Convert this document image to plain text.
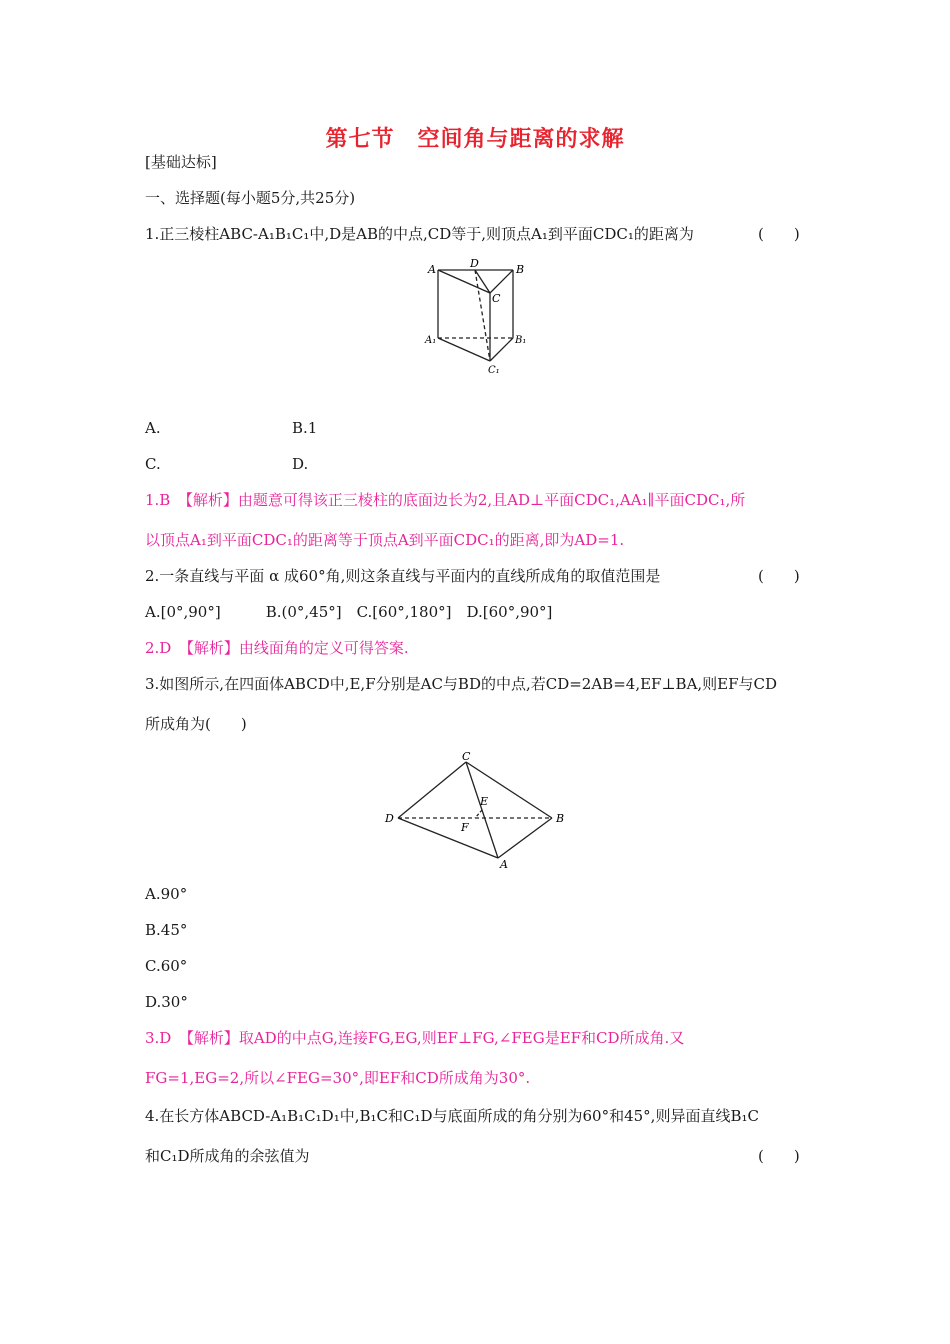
第七节　空间角与距离的求解
[基础达标]
一、选择题(每小题5分,共25分)
1.正三棱柱ABC-A₁B₁C₁中,D是AB的中点,CD等于,则顶点A₁到平面CDC₁的距离为	(　　)
A	D	B
C
A₁	B₁
C₁
A.	B.1
C.	D.
1.B　【解析】由题意可得该正三棱柱的底面边长为2,且AD⊥平面CDC₁,AA₁∥平面CDC₁,所
以顶点A₁到平面CDC₁的距离等于顶点A到平面CDC₁的距离,即为AD=1.
2.一条直线与平面 α 成60°角,则这条直线与平面内的直线所成角的取值范围是	(　　)
A.[0°,90°]　　　B.(0°,45°]　C.[60°,180°]　D.[60°,90°]
2.D　【解析】由线面角的定义可得答案.
3.如图所示,在四面体ABCD中,E,F分别是AC与BD的中点,若CD=2AB=4,EF⊥BA,则EF与CD
所成角为(　　)
C
D	B
A
E
F
A.90°
B.45°
C.60°
D.30°
3.D　【解析】取AD的中点G,连接FG,EG,则EF⊥FG,∠FEG是EF和CD所成角.又
FG=1,EG=2,所以∠FEG=30°,即EF和CD所成角为30°.
4.在长方体ABCD-A₁B₁C₁D₁中,B₁C和C₁D与底面所成的角分别为60°和45°,则异面直线B₁C
和C₁D所成角的余弦值为	(　　)
